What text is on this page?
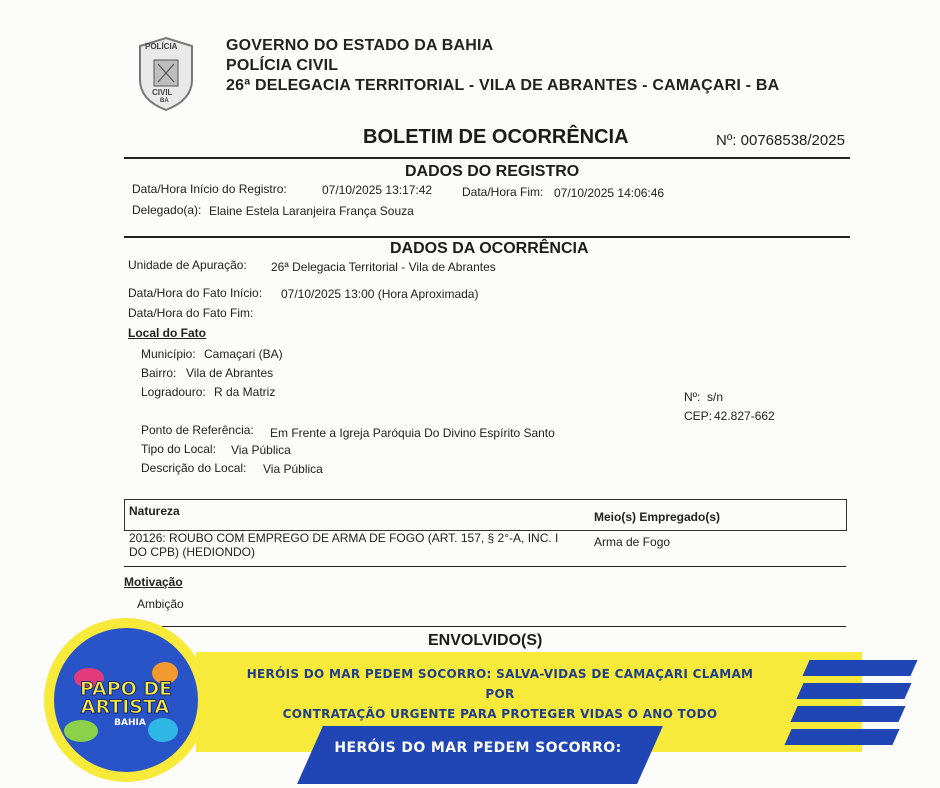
POLÍCIA
CIVIL
BA
GOVERNO DO ESTADO DA BAHIA
POLÍCIA CIVIL
26ª DELEGACIA TERRITORIAL - VILA DE ABRANTES - CAMAÇARI - BA
BOLETIM DE OCORRÊNCIA	Nº: 00768538/2025
DADOS DO REGISTRO
Data/Hora Início do Registro:	07/10/2025 13:17:42 Data/Hora Fim: 07/10/2025 14:06:46
Delegado(a): Elaine Estela Laranjeira França Souza
DADOS DA OCORRÊNCIA
Unidade de Apuração: 26ª Delegacia Territorial - Vila de Abrantes
Data/Hora do Fato Início: 07/10/2025 13:00 (Hora Aproximada)
Data/Hora do Fato Fim:
Local do Fato
Município: Camaçari (BA)
Bairro: Vila de Abrantes
Logradouro: R da Matriz	Nº: s/n
CEP: 42.827-662
Ponto de Referência: Em Frente a Igreja Paróquia Do Divino Espírito Santo
Tipo do Local: Via Pública
Descrição do Local: Via Pública
Natureza	Meio(s) Empregado(s)
20126: ROUBO COM EMPREGO DE ARMA DE FOGO (ART. 157, § 2°-A, INC. I
DO CPB) (HEDIONDO)
Arma de Fogo
Motivação
Ambição
ENVOLVIDO(S)
HERÓIS DO MAR PEDEM SOCORRO: SALVA-VIDAS DE CAMAÇARI CLAMAM POR
CONTRATAÇÃO URGENTE PARA PROTEGER VIDAS O ANO TODO
HERÓIS DO MAR PEDEM SOCORRO:
PAPO DE
ARTISTA
BAHIA
